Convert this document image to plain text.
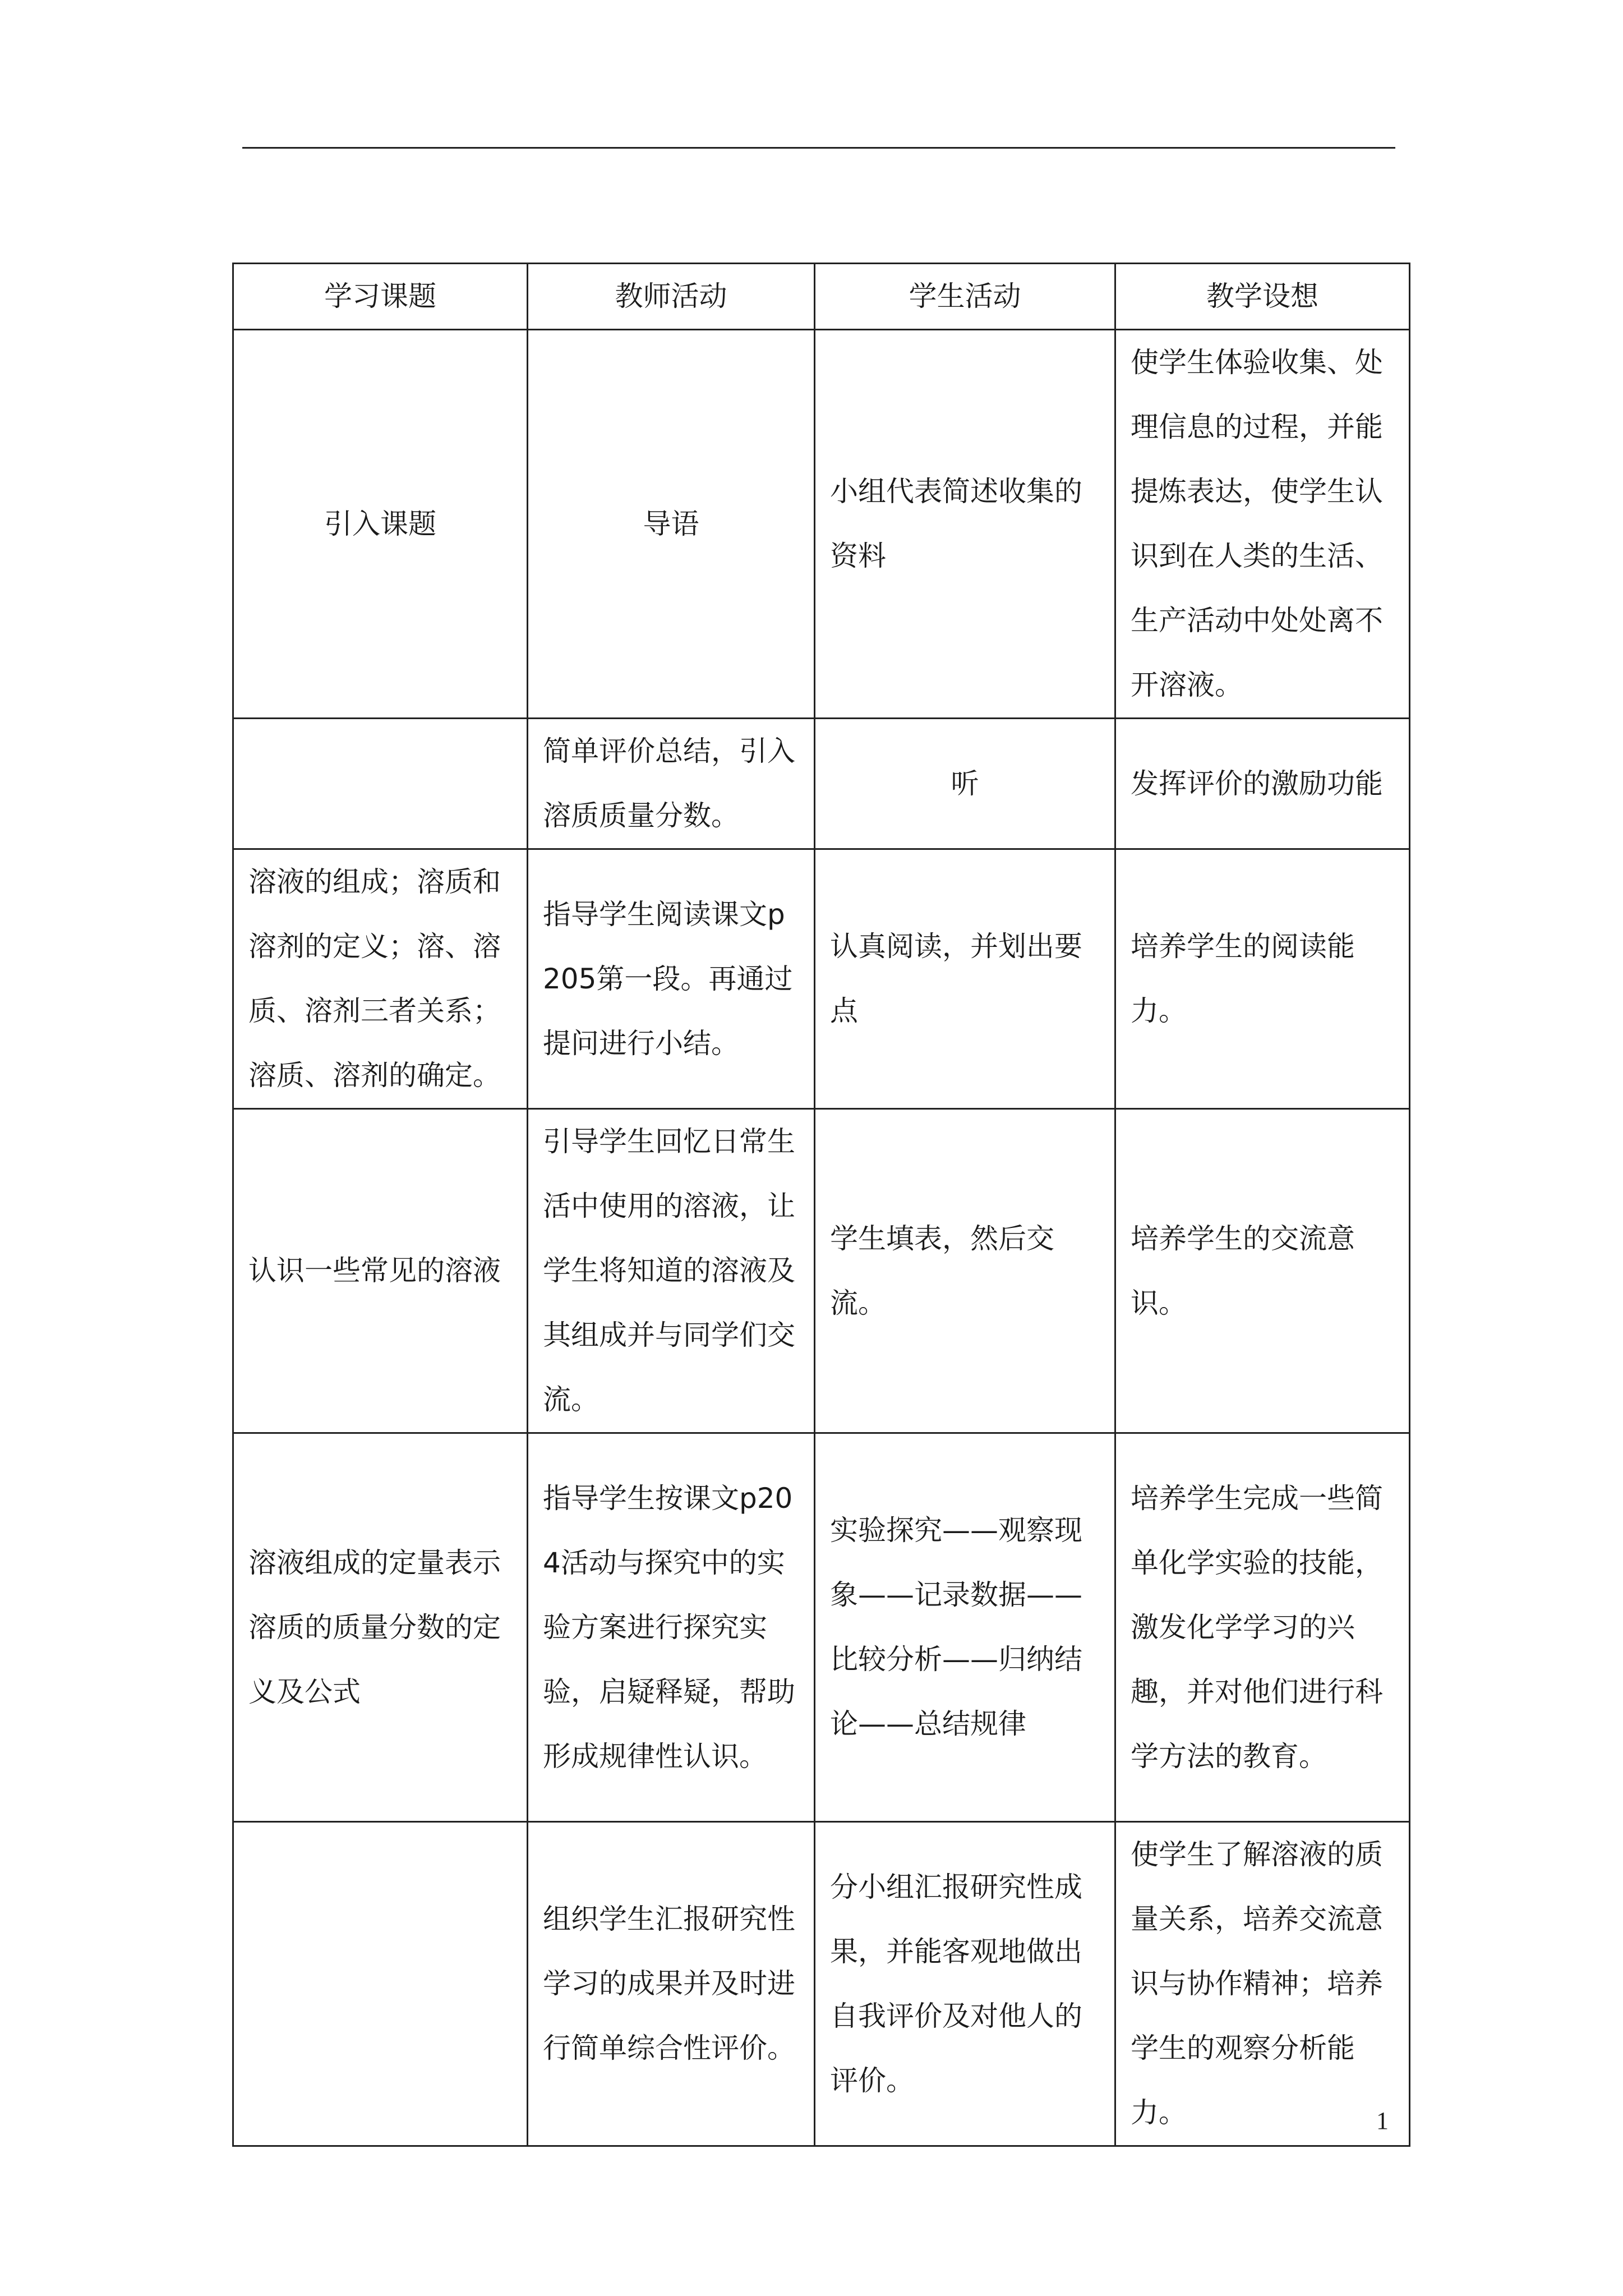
学习课题	教师活动	学生活动	教学设想
引入课题	导语	小组代表简述收集的资料	使学生体验收集、处理信息的过程，并能提炼表达，使学生认识到在人类的生活、生产活动中处处离不开溶液。
	简单评价总结，引入溶质质量分数。	听	发挥评价的激励功能
溶液的组成；溶质和溶剂的定义；溶、溶质、溶剂三者关系；溶质、溶剂的确定。	指导学生阅读课文p205第一段。再通过提问进行小结。	认真阅读，并划出要点	培养学生的阅读能力。
认识一些常见的溶液	引导学生回忆日常生活中使用的溶液，让学生将知道的溶液及其组成并与同学们交流。	学生填表，然后交流。	培养学生的交流意识。
溶液组成的定量表示溶质的质量分数的定义及公式	指导学生按课文p204活动与探究中的实验方案进行探究实验，启疑释疑，帮助形成规律性认识。	实验探究——观察现象——记录数据——比较分析——归纳结论——总结规律	培养学生完成一些简单化学实验的技能，激发化学学习的兴趣，并对他们进行科学方法的教育。
	组织学生汇报研究性学习的成果并及时进行简单综合性评价。	分小组汇报研究性成果，并能客观地做出自我评价及对他人的评价。	使学生了解溶液的质量关系，培养交流意识与协作精神；培养学生的观察分析能力。	1
